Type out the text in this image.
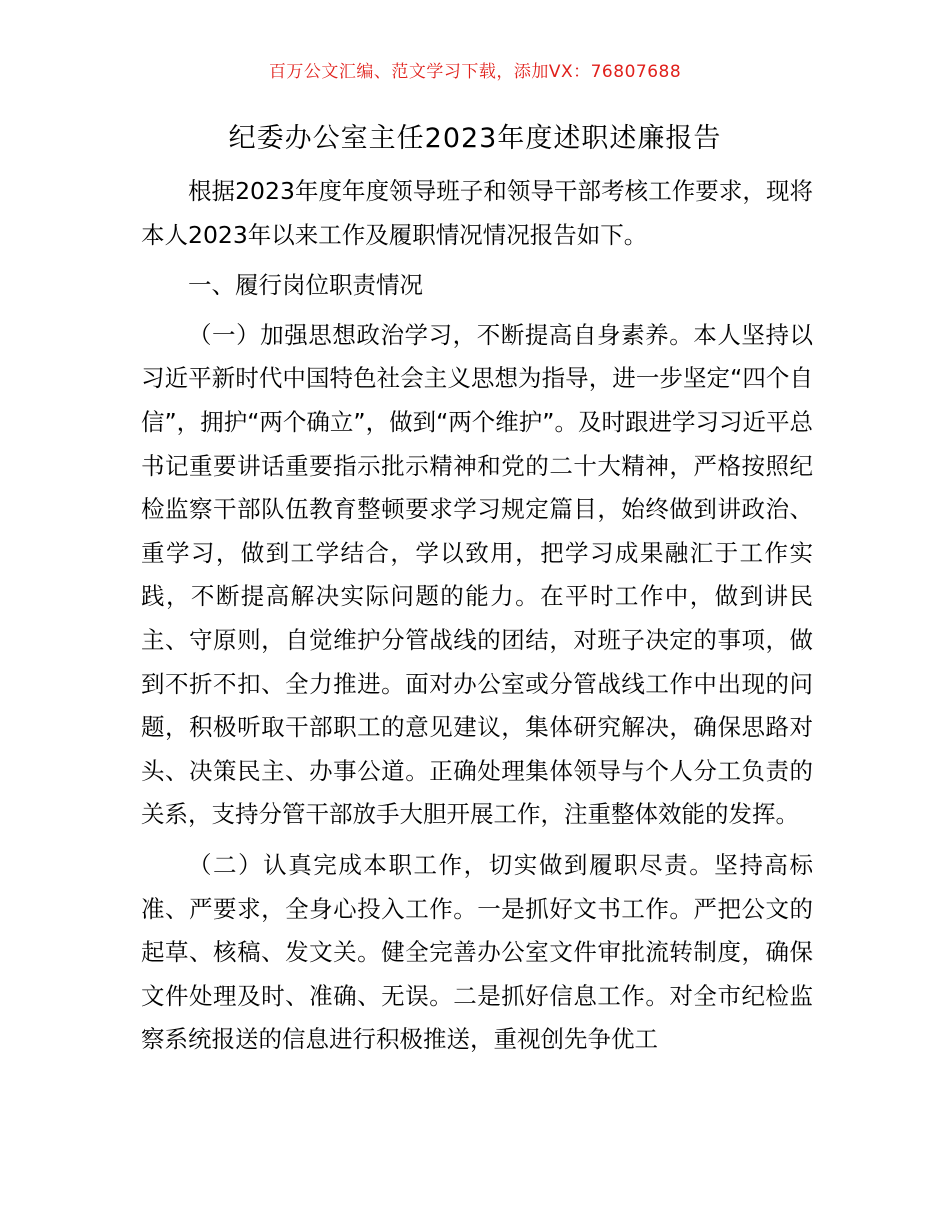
百万公文汇编、范文学习下载，添加VX：76807688
纪委办公室主任2023年度述职述廉报告

根据2023年度年度领导班子和领导干部考核工作要求，现将本人2023年以来工作及履职情况情况报告如下。

一、履行岗位职责情况

（一）加强思想政治学习，不断提高自身素养。本人坚持以习近平新时代中国特色社会主义思想为指导，进一步坚定“四个自信”，拥护“两个确立”，做到“两个维护”。及时跟进学习习近平总书记重要讲话重要指示批示精神和党的二十大精神，严格按照纪检监察干部队伍教育整顿要求学习规定篇目，始终做到讲政治、重学习，做到工学结合，学以致用，把学习成果融汇于工作实践，不断提高解决实际问题的能力。在平时工作中，做到讲民主、守原则，自觉维护分管战线的团结，对班子决定的事项，做到不折不扣、全力推进。面对办公室或分管战线工作中出现的问题，积极听取干部职工的意见建议，集体研究解决，确保思路对头、决策民主、办事公道。正确处理集体领导与个人分工负责的关系，支持分管干部放手大胆开展工作，注重整体效能的发挥。

（二）认真完成本职工作，切实做到履职尽责。坚持高标准、严要求，全身心投入工作。一是抓好文书工作。严把公文的起草、核稿、发文关。健全完善办公室文件审批流转制度，确保文件处理及时、准确、无误。二是抓好信息工作。对全市纪检监察系统报送的信息进行积极推送，重视创先争优工
